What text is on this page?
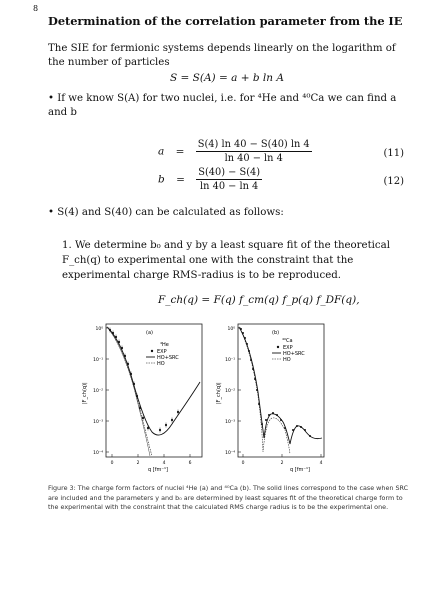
8
Determination of the correlation parameter from the IE
The SIE for fermionic systems depends linearly on the logarithm of the number of particles
S = S(A) = a + b ln A
• If we know S(A) for two nuclei, i.e. for ⁴He and ⁴⁰Ca we can find a and b
$a = \frac{S(4) \ln 40 - S(40) \ln 4}{\ln 40 - \ln 4}$	(11)
$b = \frac{S(40) - S(4)}{\ln 40 - \ln 4}$	(12)
• S(4) and S(40) can be calculated as follows:
1. We determine b₀ and y by a least square fit of the theoretical F_ch(q) to experimental one with the constraint that the experimental charge RMS-radius is to be reproduced.
F_ch(q) = F(q) f_cm(q) f_p(q) f_DF(q),
10⁰
10⁻¹
10⁻²
10⁻³
10⁻⁴
0	2	4	6
|F_ch(q)|
q [fm⁻¹]
(a)
⁴He
EXP
HO+SRC
HO
10⁰
10⁻¹
10⁻²
10⁻³
10⁻⁴
0	2	4
|F_ch(q)|
q [fm⁻¹]
(b)
⁴⁰Ca
EXP
HO+SRC
HO
Figure 3: The charge form factors of nuclei ⁴He (a) and ⁴⁰Ca (b). The solid lines correspond to the case when SRC are included and the parameters y and b₀ are determined by least squares fit of the theoretical charge form to the experimental with the constraint that the calculated RMS charge radius is to be the experimental one.
